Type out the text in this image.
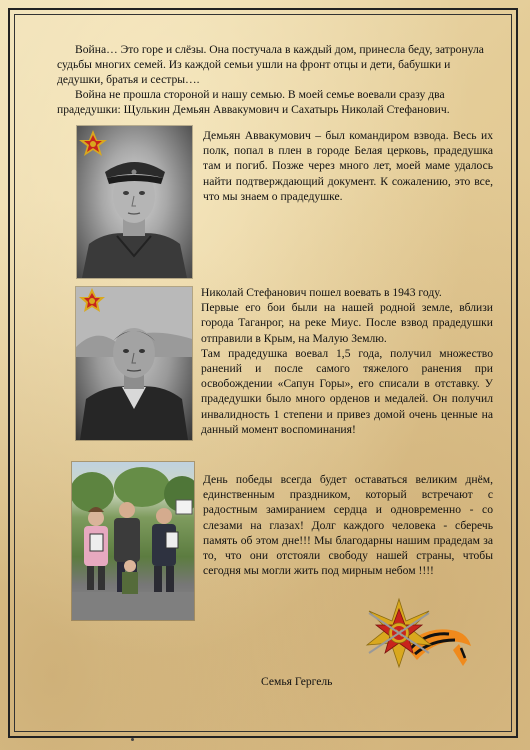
Война… Это горе и слёзы. Она постучала в каждый дом, принесла беду, затронула судьбы многих семей. Из каждой семьи ушли на фронт отцы и дети, бабушки и дедушки, братья и сестры….

Война не прошла стороной и нашу семью. В моей семье воевали сразу два прадедушки: Щулькин Демьян Аввакумович и Сахатырь Николай Стефанович.

Демьян Аввакумович – был командиром взвода. Весь их полк, попал в плен в городе Белая церковь, прадедушка там и погиб. Позже через много лет, моей маме удалось найти подтверждающий документ. К сожалению, это все, что мы знаем о прадедушке.

Николай Стефанович пошел воевать в 1943 году.

Первые его бои были на нашей родной земле, вблизи города Таганрог, на реке Миус. После взвод прадедушки отправили в Крым, на Малую Землю.

Там прадедушка воевал 1,5 года, получил множество ранений и после самого тяжелого ранения при освобождении «Сапун Горы», его списали в отставку. У прадедушки было много орденов и медалей. Он получил инвалидность 1 степени и привез домой очень ценные на данный момент воспоминания!

День победы всегда будет оставаться великим днём, единственным праздником, который встречают с радостным замиранием сердца и одновременно - со слезами на глазах! Долг каждого человека - сберечь память об этом дне!!! Мы благодарны нашим прадедам за то, что они отстояли свободу нашей страны, чтобы сегодня мы могли жить под мирным небом !!!!

Семья Гергель
